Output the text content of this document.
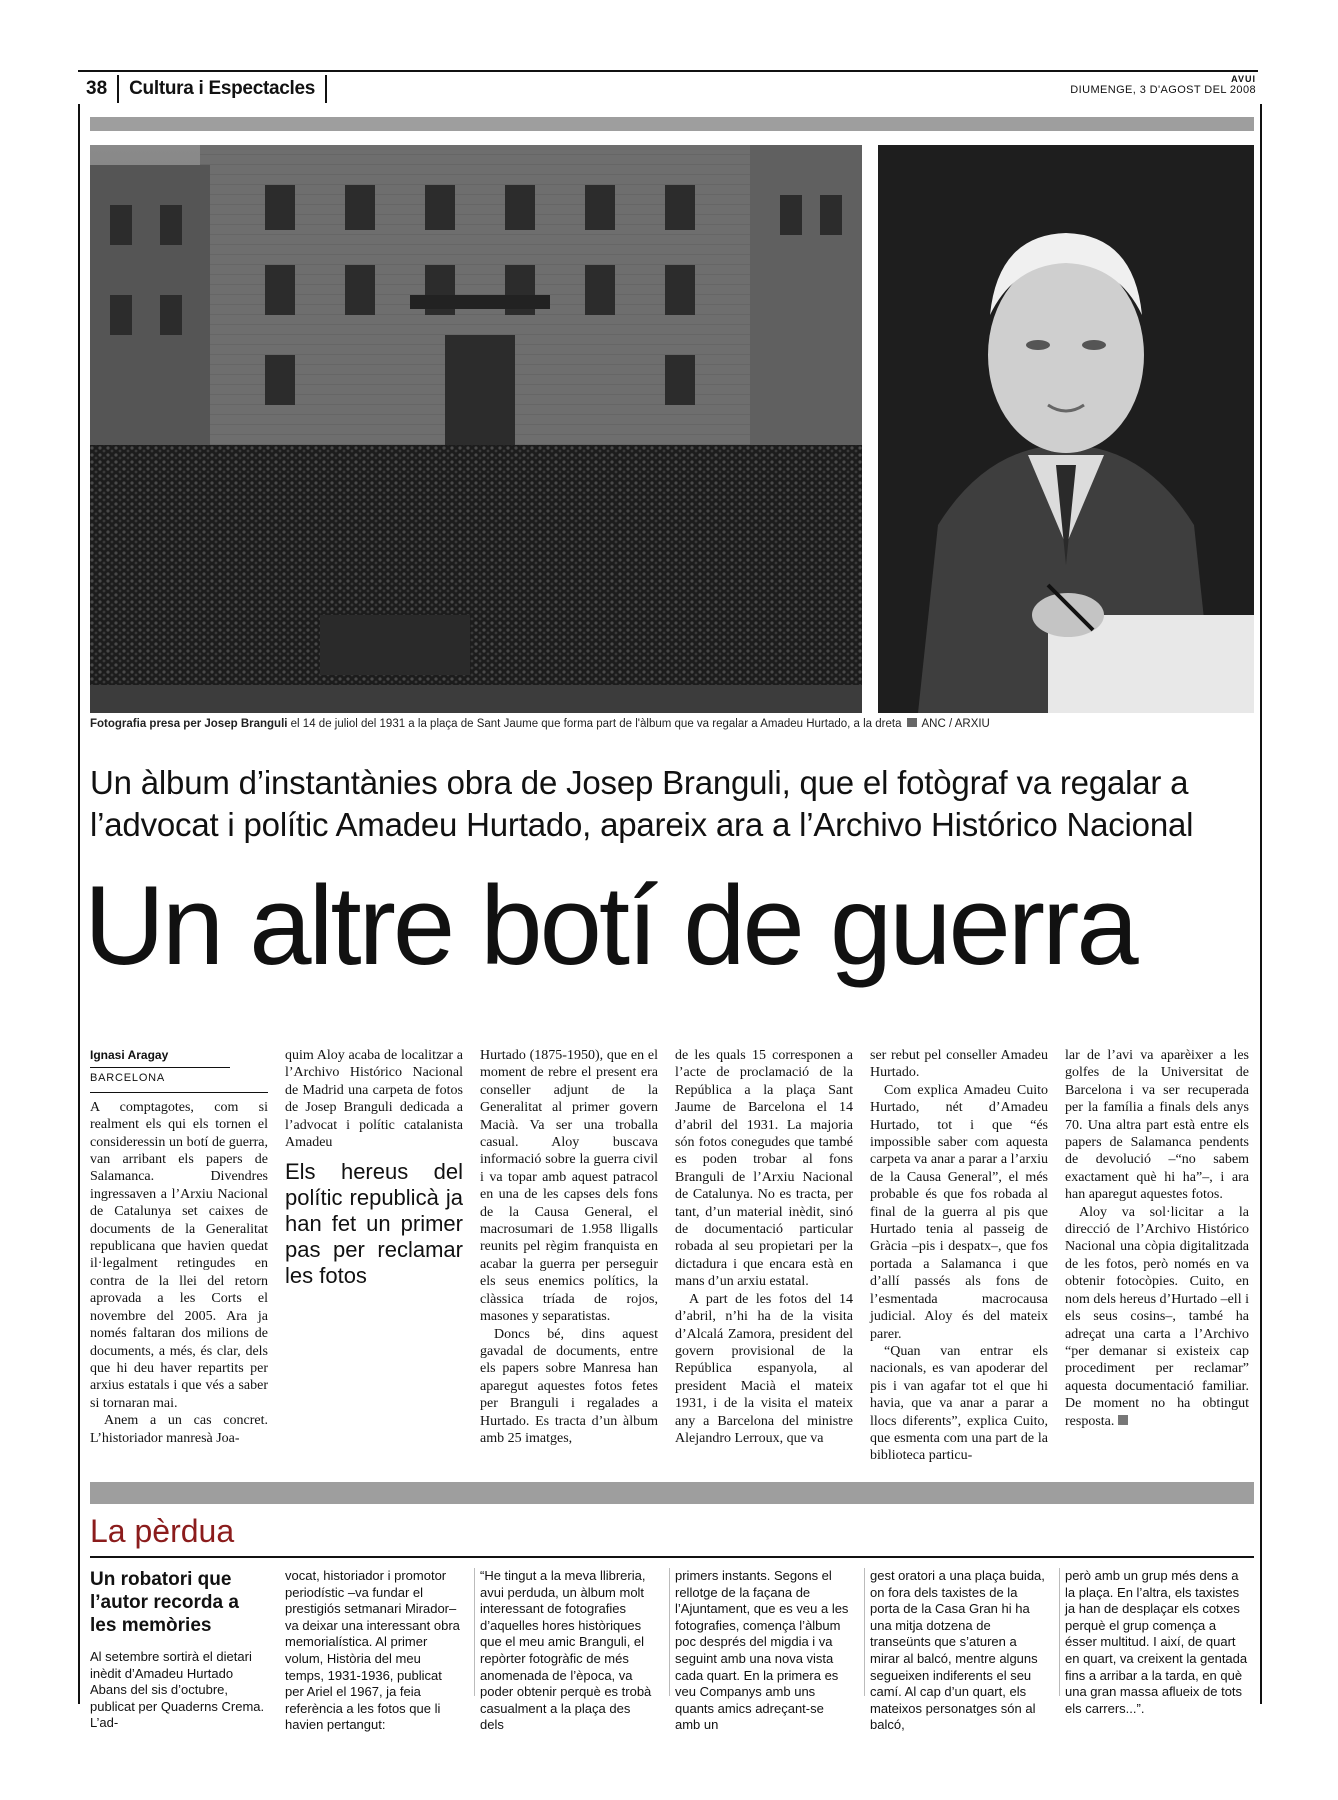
38	Cultura i Espectacles	AVUI
DIUMENGE, 3 D'AGOST DEL 2008
Fotografia presa per Josep Branguli el 14 de juliol del 1931 a la plaça de Sant Jaume que forma part de l'àlbum que va regalar a Amadeu Hurtado, a la dreta ANC / ARXIU
Un àlbum d’instantànies obra de Josep Branguli, que el fotògraf va regalar a l’advocat i polític Amadeu Hurtado, apareix ara a l’Archivo Histórico Nacional
Un altre botí de guerra
Ignasi Aragay
BARCELONA

A comptagotes, com si realment els qui els tornen el consideressin un botí de guerra, van arribant els papers de Salamanca. Divendres ingressaven a l’Arxiu Nacional de Catalunya set caixes de documents de la Generalitat republicana que havien quedat il·legalment retingudes en contra de la llei del retorn aprovada a les Corts el novembre del 2005. Ara ja només faltaran dos milions de documents, a més, és clar, dels que hi deu haver repartits per arxius estatals i que vés a saber si tornaran mai.

Anem a un cas concret. L’historiador manresà Joa-

quim Aloy acaba de localitzar a l’Archivo Histórico Nacional de Madrid una carpeta de fotos de Josep Branguli dedicada a l’advocat i polític catalanista Amadeu

Els hereus del polític republicà ja han fet un primer pas per reclamar les fotos

Hurtado (1875-1950), que en el moment de rebre el present era conseller adjunt de la Generalitat al primer govern Macià. Va ser una troballa casual. Aloy buscava informació sobre la guerra civil i va topar amb aquest patracol en una de les capses dels fons de la Causa General, el macrosumari de 1.958 lligalls reunits pel règim franquista en acabar la guerra per perseguir els seus enemics polítics, la clàssica tríada de rojos, masones y separatistas.

Doncs bé, dins aquest gavadal de documents, entre els papers sobre Manresa han aparegut aquestes fotos fetes per Branguli i regalades a Hurtado. Es tracta d’un àlbum amb 25 imatges,

de les quals 15 corresponen a l’acte de proclamació de la República a la plaça Sant Jaume de Barcelona el 14 d’abril del 1931. La majoria són fotos conegudes que també es poden trobar al fons Branguli de l’Arxiu Nacional de Catalunya. No es tracta, per tant, d’un material inèdit, sinó de documentació particular robada al seu propietari per la dictadura i que encara està en mans d’un arxiu estatal.

A part de les fotos del 14 d’abril, n’hi ha de la visita d’Alcalá Zamora, president del govern provisional de la República espanyola, al president Macià el mateix 1931, i de la visita el mateix any a Barcelona del ministre Alejandro Lerroux, que va

ser rebut pel conseller Amadeu Hurtado.

Com explica Amadeu Cuito Hurtado, nét d’Amadeu Hurtado, tot i que “és impossible saber com aquesta carpeta va anar a parar a l’arxiu de la Causa General”, el més probable és que fos robada al final de la guerra al pis que Hurtado tenia al passeig de Gràcia –pis i despatx–, que fos portada a Salamanca i que d’allí passés als fons de l’esmentada macrocausa judicial. Aloy és del mateix parer.

“Quan van entrar els nacionals, es van apoderar del pis i van agafar tot el que hi havia, que va anar a parar a llocs diferents”, explica Cuito, que esmenta com una part de la biblioteca particu-

lar de l’avi va aparèixer a les golfes de la Universitat de Barcelona i va ser recuperada per la família a finals dels anys 70. Una altra part està entre els papers de Salamanca pendents de devolució –“no sabem exactament què hi ha”–, i ara han aparegut aquestes fotos.

Aloy va sol·licitar a la direcció de l’Archivo Histórico Nacional una còpia digitalitzada de les fotos, però només en va obtenir fotocòpies. Cuito, en nom dels hereus d’Hurtado –ell i els seus cosins–, també ha adreçat una carta a l’Archivo “per demanar si existeix cap procediment per reclamar” aquesta documentació familiar. De moment no ha obtingut resposta.

La pèrdua
Un robatori que l’autor recorda a les memòries
Al setembre sortirà el dietari inèdit d’Amadeu Hurtado Abans del sis d’octubre, publicat per Quaderns Crema. L’ad-
vocat, historiador i promotor periodístic –va fundar el prestigiós setmanari Mirador– va deixar una interessant obra memorialística. Al primer volum, Història del meu temps, 1931-1936, publicat per Ariel el 1967, ja feia referència a les fotos que li havien pertangut:
“He tingut a la meva llibreria, avui perduda, un àlbum molt interessant de fotografies d’aquelles hores històriques que el meu amic Branguli, el repòrter fotogràfic de més anomenada de l’època, va poder obtenir perquè es trobà casualment a la plaça des dels
primers instants. Segons el rellotge de la façana de l’Ajuntament, que es veu a les fotografies, comença l’àlbum poc després del migdia i va seguint amb una nova vista cada quart. En la primera es veu Companys amb uns quants amics adreçant-se amb un
gest oratori a una plaça buida, on fora dels taxistes de la porta de la Casa Gran hi ha una mitja dotzena de transeünts que s’aturen a mirar al balcó, mentre alguns segueixen indiferents el seu camí. Al cap d’un quart, els mateixos personatges són al balcó,
però amb un grup més dens a la plaça. En l’altra, els taxistes ja han de desplaçar els cotxes perquè el grup comença a ésser multitud. I així, de quart en quart, va creixent la gentada fins a arribar a la tarda, en què una gran massa aflueix de tots els carrers...”.
